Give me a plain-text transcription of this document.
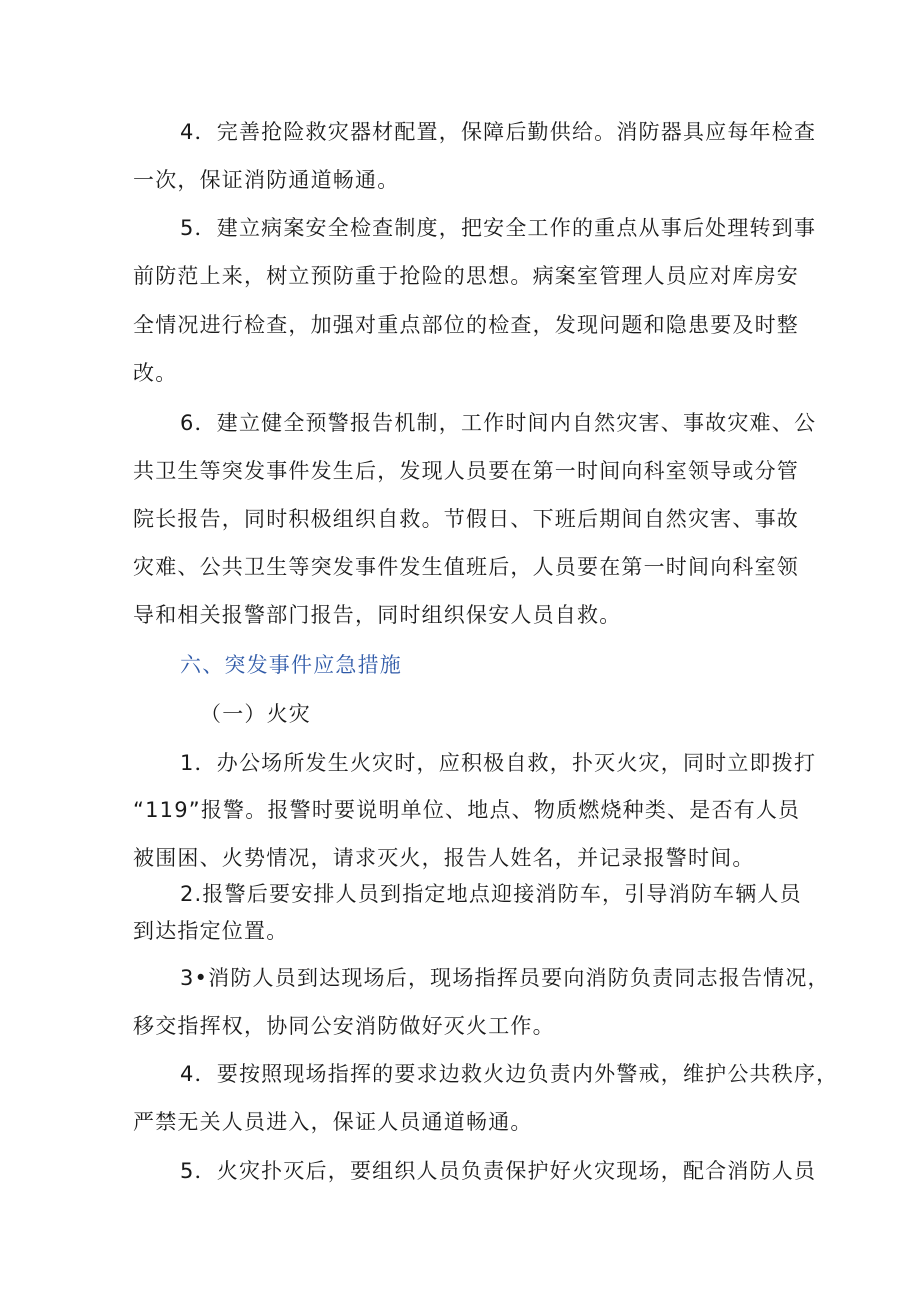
4．完善抢险救灾器材配置，保障后勤供给。消防器具应每年检查
一次，保证消防通道畅通。
5．建立病案安全检查制度，把安全工作的重点从事后处理转到事
前防范上来，树立预防重于抢险的思想。病案室管理人员应对库房安
全情况进行检查，加强对重点部位的检查，发现问题和隐患要及时整
改。
6．建立健全预警报告机制，工作时间内自然灾害、事故灾难、公
共卫生等突发事件发生后，发现人员要在第一时间向科室领导或分管
院长报告，同时积极组织自救。节假日、下班后期间自然灾害、事故
灾难、公共卫生等突发事件发生值班后，人员要在第一时间向科室领
导和相关报警部门报告，同时组织保安人员自救。
六、突发事件应急措施
（一）火灾
1．办公场所发生火灾时，应积极自救，扑灭火灾，同时立即拨打
“119”报警。报警时要说明单位、地点、物质燃烧种类、是否有人员
被围困、火势情况，请求灭火，报告人姓名，并记录报警时间。
2.报警后要安排人员到指定地点迎接消防车，引导消防车辆人员
到达指定位置。
3•消防人员到达现场后，现场指挥员要向消防负责同志报告情况，
移交指挥权，协同公安消防做好灭火工作。
4．要按照现场指挥的要求边救火边负责内外警戒，维护公共秩序，
严禁无关人员进入，保证人员通道畅通。
5．火灾扑灭后，要组织人员负责保护好火灾现场，配合消防人员
